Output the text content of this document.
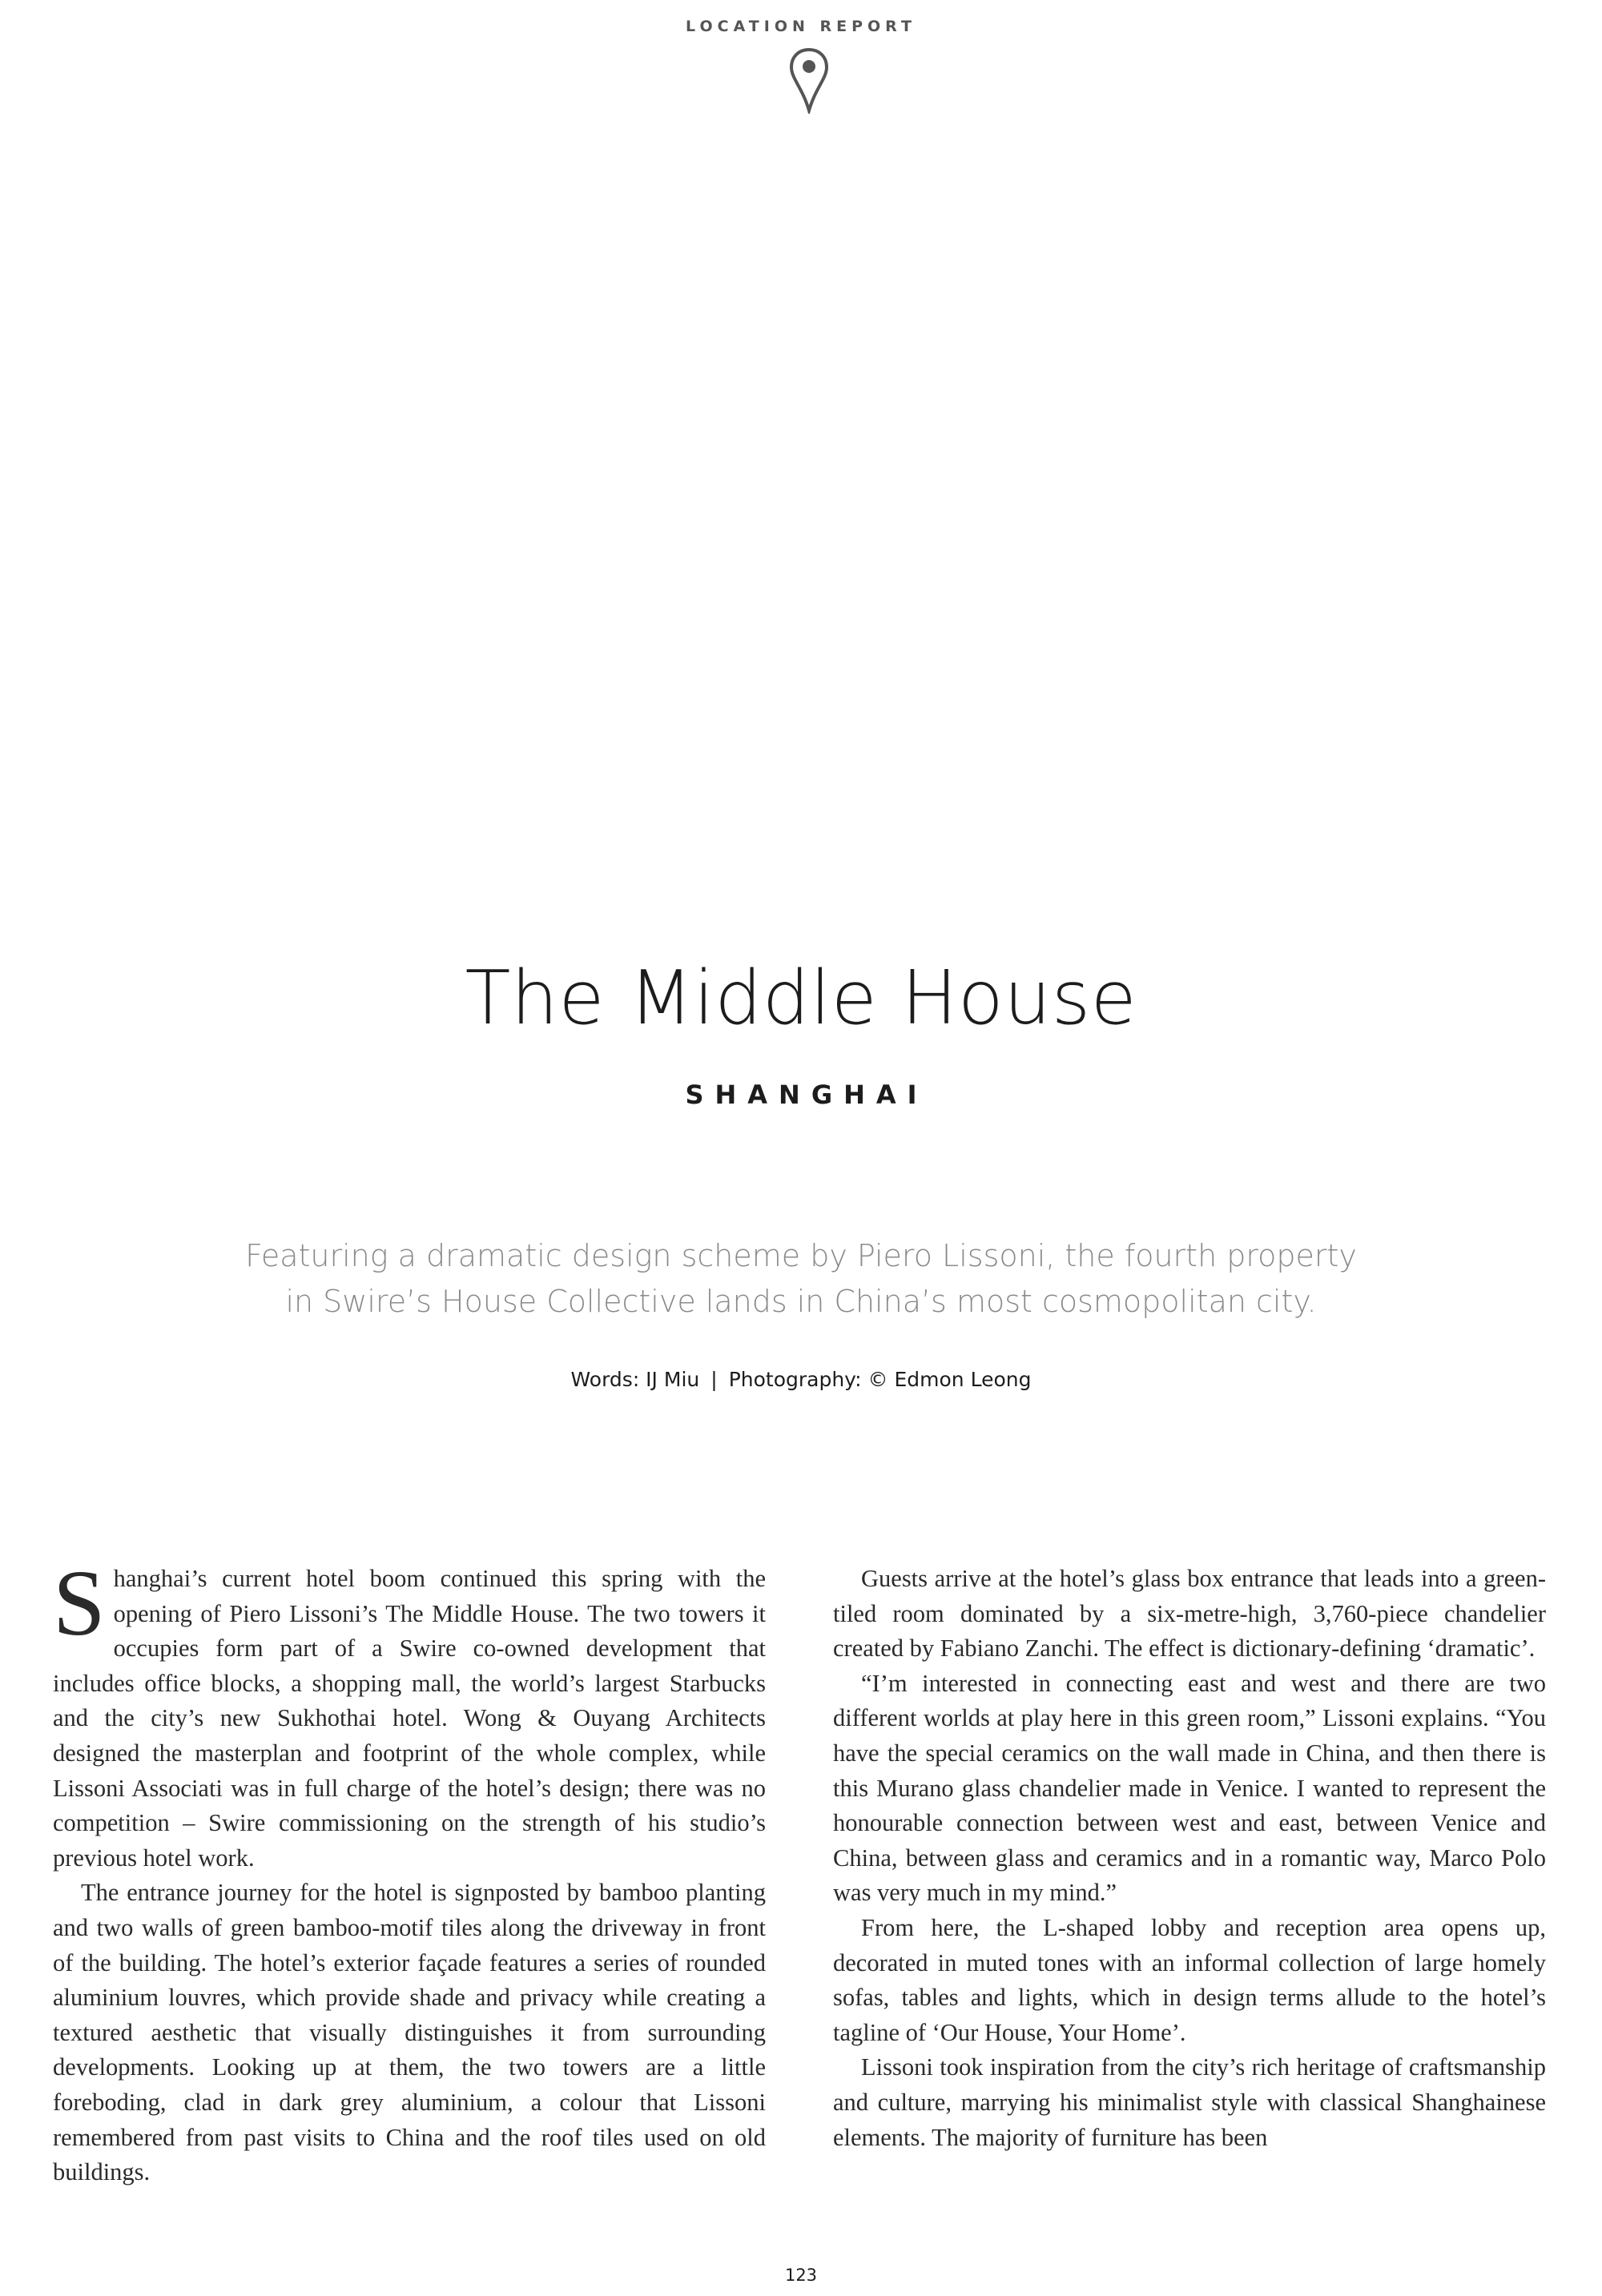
LOCATION REPORT
The Middle House
SHANGHAI
Featuring a dramatic design scheme by Piero Lissoni, the fourth property
in Swire’s House Collective lands in China’s most cosmopolitan city.
Words: IJ Miu | Photography: © Edmon Leong

Shanghai’s current hotel boom continued this spring with the opening of Piero Lissoni’s The Middle House. The two towers it occupies form part of a Swire co-owned development that includes office blocks, a shopping mall, the world’s largest Starbucks and the city’s new Sukhothai hotel. Wong & Ouyang Architects designed the masterplan and footprint of the whole complex, while Lissoni Associati was in full charge of the hotel’s design; there was no competition – Swire commissioning on the strength of his studio’s previous hotel work.

The entrance journey for the hotel is signposted by bamboo planting and two walls of green bamboo-motif tiles along the driveway in front of the building. The hotel’s exterior façade features a series of rounded aluminium louvres, which provide shade and privacy while creating a textured aesthetic that visually distinguishes it from surrounding developments. Looking up at them, the two towers are a little foreboding, clad in dark grey aluminium, a colour that Lissoni remembered from past visits to China and the roof tiles used on old buildings.

Guests arrive at the hotel’s glass box entrance that leads into a green-tiled room dominated by a six-metre-high, 3,760-piece chandelier created by Fabiano Zanchi. The effect is dictionary-defining ‘dramatic’.

“I’m interested in connecting east and west and there are two different worlds at play here in this green room,” Lissoni explains. “You have the special ceramics on the wall made in China, and then there is this Murano glass chandelier made in Venice. I wanted to represent the honourable connection between west and east, between Venice and China, between glass and ceramics and in a romantic way, Marco Polo was very much in my mind.”

From here, the L-shaped lobby and reception area opens up, decorated in muted tones with an informal collection of large homely sofas, tables and lights, which in design terms allude to the hotel’s tagline of ‘Our House, Your Home’.

Lissoni took inspiration from the city’s rich heritage of craftsmanship and culture, marrying his minimalist style with classical Shanghainese elements. The majority of furniture has been

123
